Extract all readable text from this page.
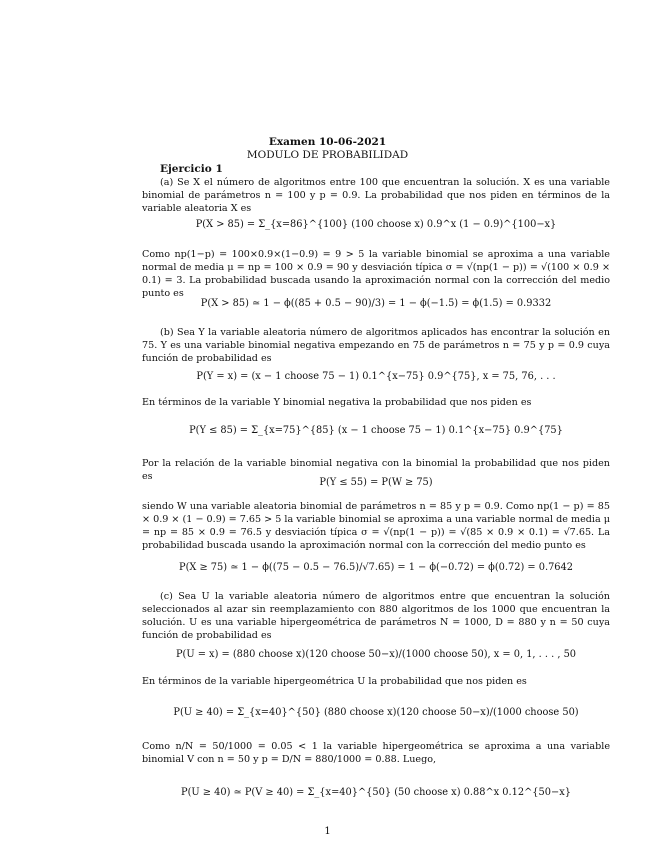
Examen 10-06-2021
MODULO DE PROBABILIDAD
Ejercicio 1
(a) Se X el número de algoritmos entre 100 que encuentran la solución. X es una variable binomial de parámetros n = 100 y p = 0.9. La probabilidad que nos piden en términos de la variable aleatoria X es
P(X > 85) = Σ_{x=86}^{100} (100 choose x) 0.9^x (1 − 0.9)^{100−x}
Como np(1−p) = 100×0.9×(1−0.9) = 9 > 5 la variable binomial se aproxima a una variable normal de media μ = np = 100 × 0.9 = 90 y desviación típica σ = √(np(1 − p)) = √(100 × 0.9 × 0.1) = 3. La probabilidad buscada usando la aproximación normal con la corrección del medio punto es
P(X > 85) ≃ 1 − ϕ((85 + 0.5 − 90)/3) = 1 − ϕ(−1.5) = ϕ(1.5) = 0.9332
(b) Sea Y la variable aleatoria número de algoritmos aplicados has encontrar la solución en 75. Y es una variable binomial negativa empezando en 75 de parámetros n = 75 y p = 0.9 cuya función de probabilidad es
P(Y = x) = (x − 1 choose 75 − 1) 0.1^{x−75} 0.9^{75}, x = 75, 76, . . .
En términos de la variable Y binomial negativa la probabilidad que nos piden es
P(Y ≤ 85) = Σ_{x=75}^{85} (x − 1 choose 75 − 1) 0.1^{x−75} 0.9^{75}
Por la relación de la variable binomial negativa con la binomial la probabilidad que nos piden es
P(Y ≤ 55) = P(W ≥ 75)
siendo W una variable aleatoria binomial de parámetros n = 85 y p = 0.9. Como np(1 − p) = 85 × 0.9 × (1 − 0.9) = 7.65 > 5 la variable binomial se aproxima a una variable normal de media μ = np = 85 × 0.9 = 76.5 y desviación típica σ = √(np(1 − p)) = √(85 × 0.9 × 0.1) = √7.65. La probabilidad buscada usando la aproximación normal con la corrección del medio punto es
P(X ≥ 75) ≃ 1 − ϕ((75 − 0.5 − 76.5)/√7.65) = 1 − ϕ(−0.72) = ϕ(0.72) = 0.7642
(c) Sea U la variable aleatoria número de algoritmos entre que encuentran la solución seleccionados al azar sin reemplazamiento con 880 algoritmos de los 1000 que encuentran la solución. U es una variable hipergeométrica de parámetros N = 1000, D = 880 y n = 50 cuya función de probabilidad es
P(U = x) = (880 choose x)(120 choose 50−x)/(1000 choose 50), x = 0, 1, . . . , 50
En términos de la variable hipergeométrica U la probabilidad que nos piden es
P(U ≥ 40) = Σ_{x=40}^{50} (880 choose x)(120 choose 50−x)/(1000 choose 50)
Como n/N = 50/1000 = 0.05 < 1 la variable hipergeométrica se aproxima a una variable binomial V con n = 50 y p = D/N = 880/1000 = 0.88. Luego,
P(U ≥ 40) ≃ P(V ≥ 40) = Σ_{x=40}^{50} (50 choose x) 0.88^x 0.12^{50−x}
1
